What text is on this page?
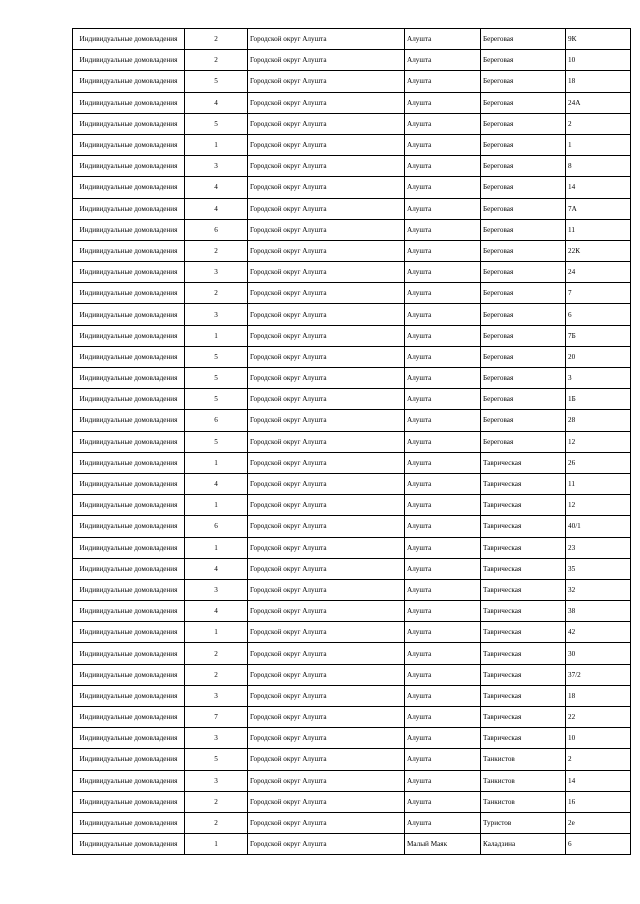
Индивидуальные домовладения	2	Городской округ Алушта	Алушта	Береговая	9К
Индивидуальные домовладения	2	Городской округ Алушта	Алушта	Береговая	10
Индивидуальные домовладения	5	Городской округ Алушта	Алушта	Береговая	18
Индивидуальные домовладения	4	Городской округ Алушта	Алушта	Береговая	24А
Индивидуальные домовладения	5	Городской округ Алушта	Алушта	Береговая	2
Индивидуальные домовладения	1	Городской округ Алушта	Алушта	Береговая	1
Индивидуальные домовладения	3	Городской округ Алушта	Алушта	Береговая	8
Индивидуальные домовладения	4	Городской округ Алушта	Алушта	Береговая	14
Индивидуальные домовладения	4	Городской округ Алушта	Алушта	Береговая	7А
Индивидуальные домовладения	6	Городской округ Алушта	Алушта	Береговая	11
Индивидуальные домовладения	2	Городской округ Алушта	Алушта	Береговая	22К
Индивидуальные домовладения	3	Городской округ Алушта	Алушта	Береговая	24
Индивидуальные домовладения	2	Городской округ Алушта	Алушта	Береговая	7
Индивидуальные домовладения	3	Городской округ Алушта	Алушта	Береговая	6
Индивидуальные домовладения	1	Городской округ Алушта	Алушта	Береговая	7Б
Индивидуальные домовладения	5	Городской округ Алушта	Алушта	Береговая	20
Индивидуальные домовладения	5	Городской округ Алушта	Алушта	Береговая	3
Индивидуальные домовладения	5	Городской округ Алушта	Алушта	Береговая	1Б
Индивидуальные домовладения	6	Городской округ Алушта	Алушта	Береговая	28
Индивидуальные домовладения	5	Городской округ Алушта	Алушта	Береговая	12
Индивидуальные домовладения	1	Городской округ Алушта	Алушта	Таврическая	26
Индивидуальные домовладения	4	Городской округ Алушта	Алушта	Таврическая	11
Индивидуальные домовладения	1	Городской округ Алушта	Алушта	Таврическая	12
Индивидуальные домовладения	6	Городской округ Алушта	Алушта	Таврическая	40/1
Индивидуальные домовладения	1	Городской округ Алушта	Алушта	Таврическая	23
Индивидуальные домовладения	4	Городской округ Алушта	Алушта	Таврическая	35
Индивидуальные домовладения	3	Городской округ Алушта	Алушта	Таврическая	32
Индивидуальные домовладения	4	Городской округ Алушта	Алушта	Таврическая	38
Индивидуальные домовладения	1	Городской округ Алушта	Алушта	Таврическая	42
Индивидуальные домовладения	2	Городской округ Алушта	Алушта	Таврическая	30
Индивидуальные домовладения	2	Городской округ Алушта	Алушта	Таврическая	37/2
Индивидуальные домовладения	3	Городской округ Алушта	Алушта	Таврическая	18
Индивидуальные домовладения	7	Городской округ Алушта	Алушта	Таврическая	22
Индивидуальные домовладения	3	Городской округ Алушта	Алушта	Таврическая	10
Индивидуальные домовладения	5	Городской округ Алушта	Алушта	Танкистов	2
Индивидуальные домовладения	3	Городской округ Алушта	Алушта	Танкистов	14
Индивидуальные домовладения	2	Городской округ Алушта	Алушта	Танкистов	16
Индивидуальные домовладения	2	Городской округ Алушта	Алушта	Туристов	2е
Индивидуальные домовладения	1	Городской округ Алушта	Малый Маяк	Каладзина	6
